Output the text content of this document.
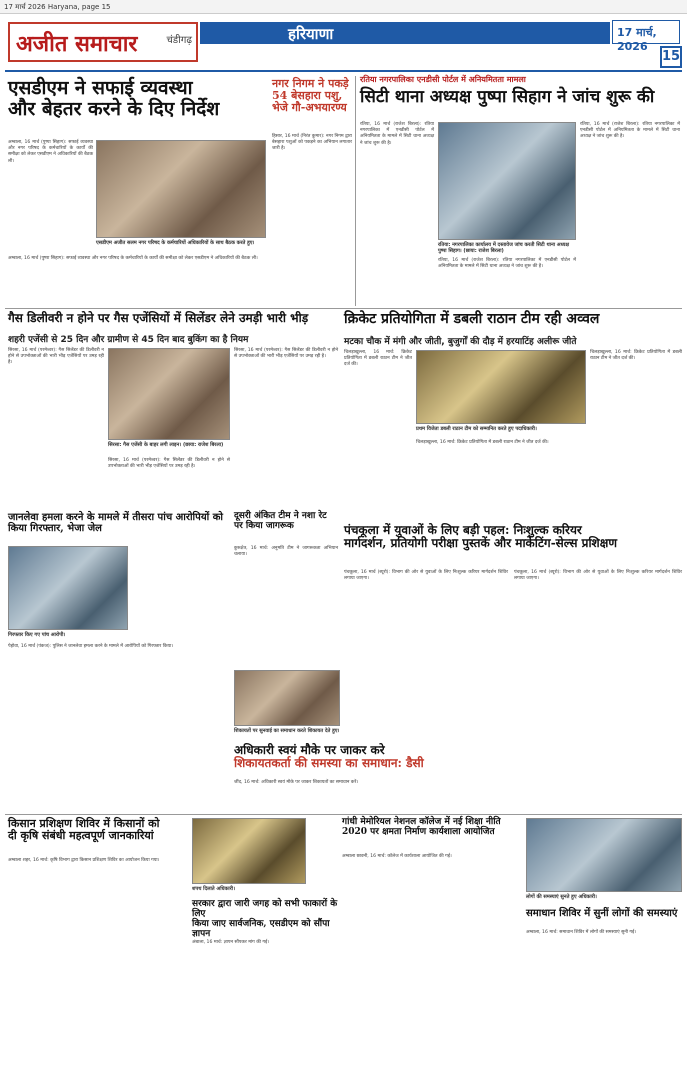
17 मार्च 2026 Haryana, page 15
अजीत समाचार	चंडीगढ़	हरियाणा	17 मार्च, 2026
15
एसडीएम ने सफाई व्यवस्था
और बेहतर करने के दिए निर्देश
अम्बाला, 16 मार्च (पुष्पा सिहाग): सफाई व्यवस्था और नगर परिषद के कर्मचारियों के कार्यों की समीक्षा को लेकर एसडीएम ने अधिकारियों की बैठक ली।
एसडीएम अजीत सलम नगर परिषद के कर्मचारियों अधिकारियों के साथ बैठक करते हुए।
अम्बाला, 16 मार्च (पुष्पा सिहाग): सफाई व्यवस्था और नगर परिषद के कर्मचारियों के कार्यों की समीक्षा को लेकर एसडीएम ने अधिकारियों की बैठक ली।
नगर निगम ने पकड़े 54 बेसहारा पशु, भेजे गौ-अभयारण्य
हिसार, 16 मार्च (निरंत कुमार): नगर निगम द्वारा बेसहारा पशुओं को पकड़ने का अभियान लगातार जारी है।
रतिया नगरपालिका एनडीसी पोर्टल में अनियमितता मामला
सिटी थाना अध्यक्ष पुष्पा सिहाग ने जांच शुरू की
रतिया, 16 मार्च (राजेश बिरला): रतिया नगरपालिका में एनडीसी पोर्टल में अनियमितता के मामले में सिटी थाना अध्यक्ष ने जांच शुरू की है।
रतिया: नगरपालिका कार्यालय में दस्तावेज जांच करती सिटी थाना अध्यक्ष पुष्पा सिहाग। (छाया: राजेश बिरला)
रतिया, 16 मार्च (राजेश बिरला): रतिया नगरपालिका में एनडीसी पोर्टल में अनियमितता के मामले में सिटी थाना अध्यक्ष ने जांच शुरू की है।
रतिया, 16 मार्च (राजेश बिरला): रतिया नगरपालिका में एनडीसी पोर्टल में अनियमितता के मामले में सिटी थाना अध्यक्ष ने जांच शुरू की है।
गैस डिलीवरी न होने पर गैस एजेंसियों में सिलेंडर लेने उमड़ी भारी भीड़
शहरी एजेंसी से 25 दिन और ग्रामीण से 45 दिन बाद बुकिंग का है नियम
सिरसा, 16 मार्च (परमेश्वर): गैस सिलेंडर की डिलीवरी न होने से उपभोक्ताओं की भारी भीड़ एजेंसियों पर उमड़ रही है।
सिरसा: गैस एजेंसी के बाहर लगी लाइन। (छाया: राजेश बिरला)
सिरसा, 16 मार्च (परमेश्वर): गैस सिलेंडर की डिलीवरी न होने से उपभोक्ताओं की भारी भीड़ एजेंसियों पर उमड़ रही है।
सिरसा, 16 मार्च (परमेश्वर): गैस सिलेंडर की डिलीवरी न होने से उपभोक्ताओं की भारी भीड़ एजेंसियों पर उमड़ रही है।
क्रिकेट प्रतियोगिता में डबली राठान टीम रही अव्वल
मटका चौक में मंगी और जीती, बुजुर्गों की दौड़ में हरयाटिंह अलीरू जीते
चिलड़ाखुल्ला, 16 मार्च: क्रिकेट प्रतियोगिता में डबली राठान टीम ने जीत दर्ज की।
प्रथम विजेता डबली राठान टीम को सम्मानित करते हुए पदाधिकारी।
चिलड़ाखुल्ला, 16 मार्च: क्रिकेट प्रतियोगिता में डबली राठान टीम ने जीत दर्ज की।
चिलड़ाखुल्ला, 16 मार्च: क्रिकेट प्रतियोगिता में डबली राठान टीम ने जीत दर्ज की।
पंचकूला में युवाओं के लिए बड़ी पहल: निःशुल्क करियर
मार्गदर्शन, प्रतियोगी परीक्षा पुस्तकें और मार्केटिंग-सेल्स प्रशिक्षण
पंचकूला, 16 मार्च (ब्यूरो): विभाग की ओर से युवाओं के लिए निःशुल्क करियर मार्गदर्शन शिविर लगाया जाएगा।
पंचकूला, 16 मार्च (ब्यूरो): विभाग की ओर से युवाओं के लिए निःशुल्क करियर मार्गदर्शन शिविर लगाया जाएगा।
जानलेवा हमला करने के मामले में तीसरा पांच आरोपियों को किया गिरफ्तार, भेजा जेल
गिरफ्तार किए गए पांच आरोपी।
पेहोवा, 16 मार्च (पंकज): पुलिस ने जानलेवा हमला करने के मामले में आरोपियों को गिरफ्तार किया।
दूसरी अंकित टीम ने नशा रेट पर किया जागरूक
कुरुक्षेत्र, 16 मार्च: अनुमति टीम ने जागरूकता अभियान चलाया।
शिकायतों पर सुनवाई का समाधान करते शिकायत देते हुए।
अधिकारी स्वयं मौके पर जाकर करे
शिकायतकर्ता की समस्या का समाधान: डैसी
जींद, 16 मार्च: अधिकारी स्वयं मौके पर जाकर शिकायतों का समाधान करें।
किसान प्रशिक्षण शिविर में किसानों को
दी कृषि संबंधी महत्वपूर्ण जानकारियां
अम्बाला शहर, 16 मार्च: कृषि विभाग द्वारा किसान प्रशिक्षण शिविर का आयोजन किया गया।
शपथ दिलाते अधिकारी।
सरकार द्वारा जारी जगह को सभी फाकारों के लिए
किया जाए सार्वजनिक, एसडीएम को सौंपा ज्ञापन
अंबाला, 16 मार्च: ज्ञापन सौंपकर मांग की गई।
गांधी मेमोरियल नेशनल कॉलेज में नई शिक्षा नीति
2020 पर क्षमता निर्माण कार्यशाला आयोजित
अम्बाला छावनी, 16 मार्च: कॉलेज में कार्यशाला आयोजित की गई।
लोगों की समस्याएं सुनते हुए अधिकारी।
समाधान शिविर में सुनीं लोगों की समस्याएं
अम्बाला, 16 मार्च: समाधान शिविर में लोगों की समस्याएं सुनी गई।
